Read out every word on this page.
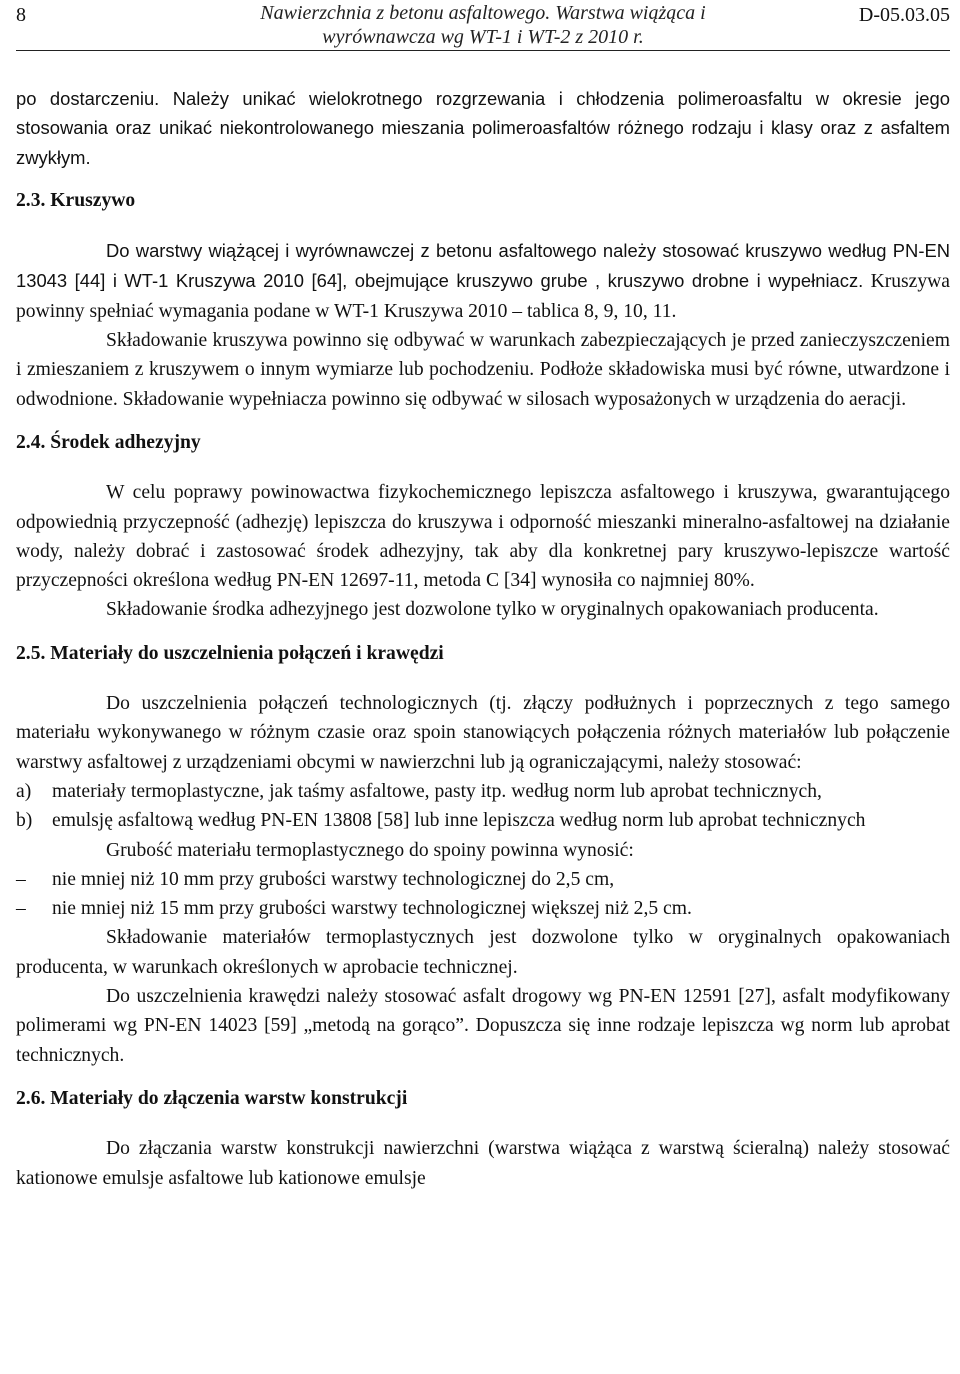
8	Nawierzchnia z betonu asfaltowego. Warstwa wiążąca i
wyrównawcza wg WT-1 i WT-2 z 2010 r.
D-05.03.05

po dostarczeniu. Należy unikać wielokrotnego rozgrzewania i chłodzenia polimeroasfaltu w okresie jego stosowania oraz unikać niekontrolowanego mieszania polimeroasfaltów różnego rodzaju i klasy oraz z asfaltem zwykłym.

2.3. Kruszywo

Do warstwy wiążącej i wyrównawczej z betonu asfaltowego należy stosować kruszywo według PN-EN 13043 [44] i WT-1 Kruszywa 2010 [64], obejmujące kruszywo grube , kruszywo drobne i wypełniacz. Kruszywa powinny spełniać wymagania podane w WT-1 Kruszywa 2010 – tablica 8, 9, 10, 11.

Składowanie kruszywa powinno się odbywać w warunkach zabezpieczających je przed zanieczyszczeniem i zmieszaniem z kruszywem o innym wymiarze lub pochodzeniu. Podłoże składowiska musi być równe, utwardzone i odwodnione. Składowanie wypełniacza powinno się odbywać w silosach wyposażonych w urządzenia do aeracji.

2.4. Środek adhezyjny

W celu poprawy powinowactwa fizykochemicznego lepiszcza asfaltowego i kruszywa, gwarantującego odpowiednią przyczepność (adhezję) lepiszcza do kruszywa i odporność mieszanki mineralno-asfaltowej na działanie wody, należy dobrać i zastosować środek adhezyjny, tak aby dla konkretnej pary kruszywo-lepiszcze wartość przyczepności określona według PN-EN 12697-11, metoda C [34] wynosiła co najmniej 80%.

Składowanie środka adhezyjnego jest dozwolone tylko w oryginalnych opakowaniach producenta.

2.5. Materiały do uszczelnienia połączeń i krawędzi

Do uszczelnienia połączeń technologicznych (tj. złączy podłużnych i poprzecznych z tego samego materiału wykonywanego w różnym czasie oraz spoin stanowiących połączenia różnych materiałów lub połączenie warstwy asfaltowej z urządzeniami obcymi w nawierzchni lub ją ograniczającymi, należy stosować:

a) materiały termoplastyczne, jak taśmy asfaltowe, pasty itp. według norm lub aprobat technicznych,
b) emulsję asfaltową według PN-EN 13808 [58] lub inne lepiszcza według norm lub aprobat technicznych

Grubość materiału termoplastycznego do spoiny powinna wynosić:

– nie mniej niż 10 mm przy grubości warstwy technologicznej do 2,5 cm,
– nie mniej niż 15 mm przy grubości warstwy technologicznej większej niż 2,5 cm.

Składowanie materiałów termoplastycznych jest dozwolone tylko w oryginalnych opakowaniach producenta, w warunkach określonych w aprobacie technicznej.

Do uszczelnienia krawędzi należy stosować asfalt drogowy wg PN-EN 12591 [27], asfalt modyfikowany polimerami wg PN-EN 14023 [59] „metodą na gorąco”. Dopuszcza się inne rodzaje lepiszcza wg norm lub aprobat technicznych.

2.6. Materiały do złączenia warstw konstrukcji

Do złączania warstw konstrukcji nawierzchni (warstwa wiążąca z warstwą ścieralną) należy stosować kationowe emulsje asfaltowe lub kationowe emulsje
